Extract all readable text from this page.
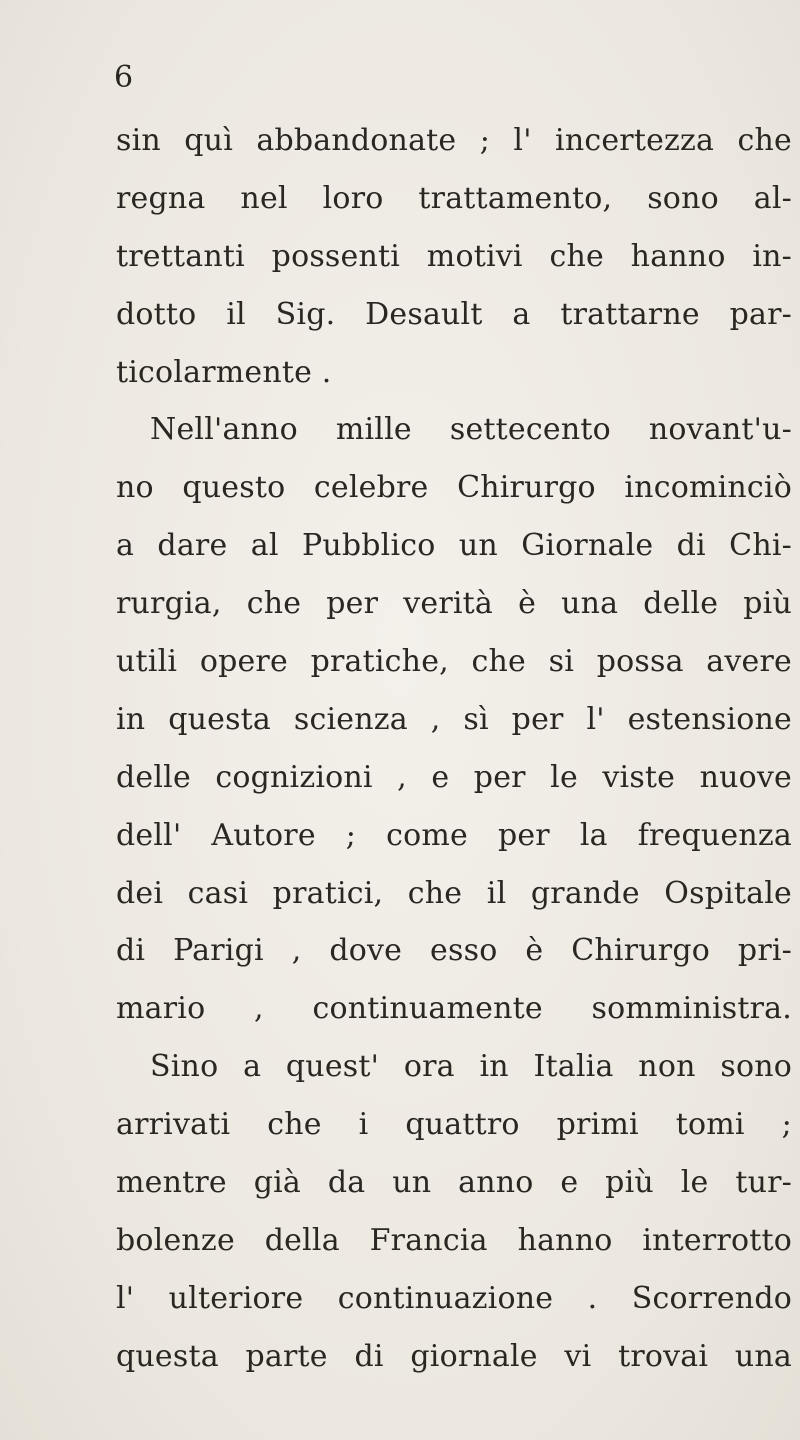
6
sin quì abbandonate ; l' incertezza che
regna nel loro trattamento, sono al-
trettanti possenti motivi che hanno in-
dotto il Sig. Desault a trattarne par-
ticolarmente .
Nell'anno mille settecento novant'u-
no questo celebre Chirurgo incominciò
a dare al Pubblico un Giornale di Chi-
rurgia, che per verità è una delle più
utili opere pratiche, che si possa avere
in questa scienza , sì per l' estensione
delle cognizioni , e per le viste nuove
dell' Autore ; come per la frequenza
dei casi pratici, che il grande Ospitale
di Parigi , dove esso è Chirurgo pri-
mario , continuamente somministra.
Sino a quest' ora in Italia non sono
arrivati che i quattro primi tomi ;
mentre già da un anno e più le tur-
bolenze della Francia hanno interrotto
l' ulteriore continuazione . Scorrendo
questa parte di giornale vi trovai una
